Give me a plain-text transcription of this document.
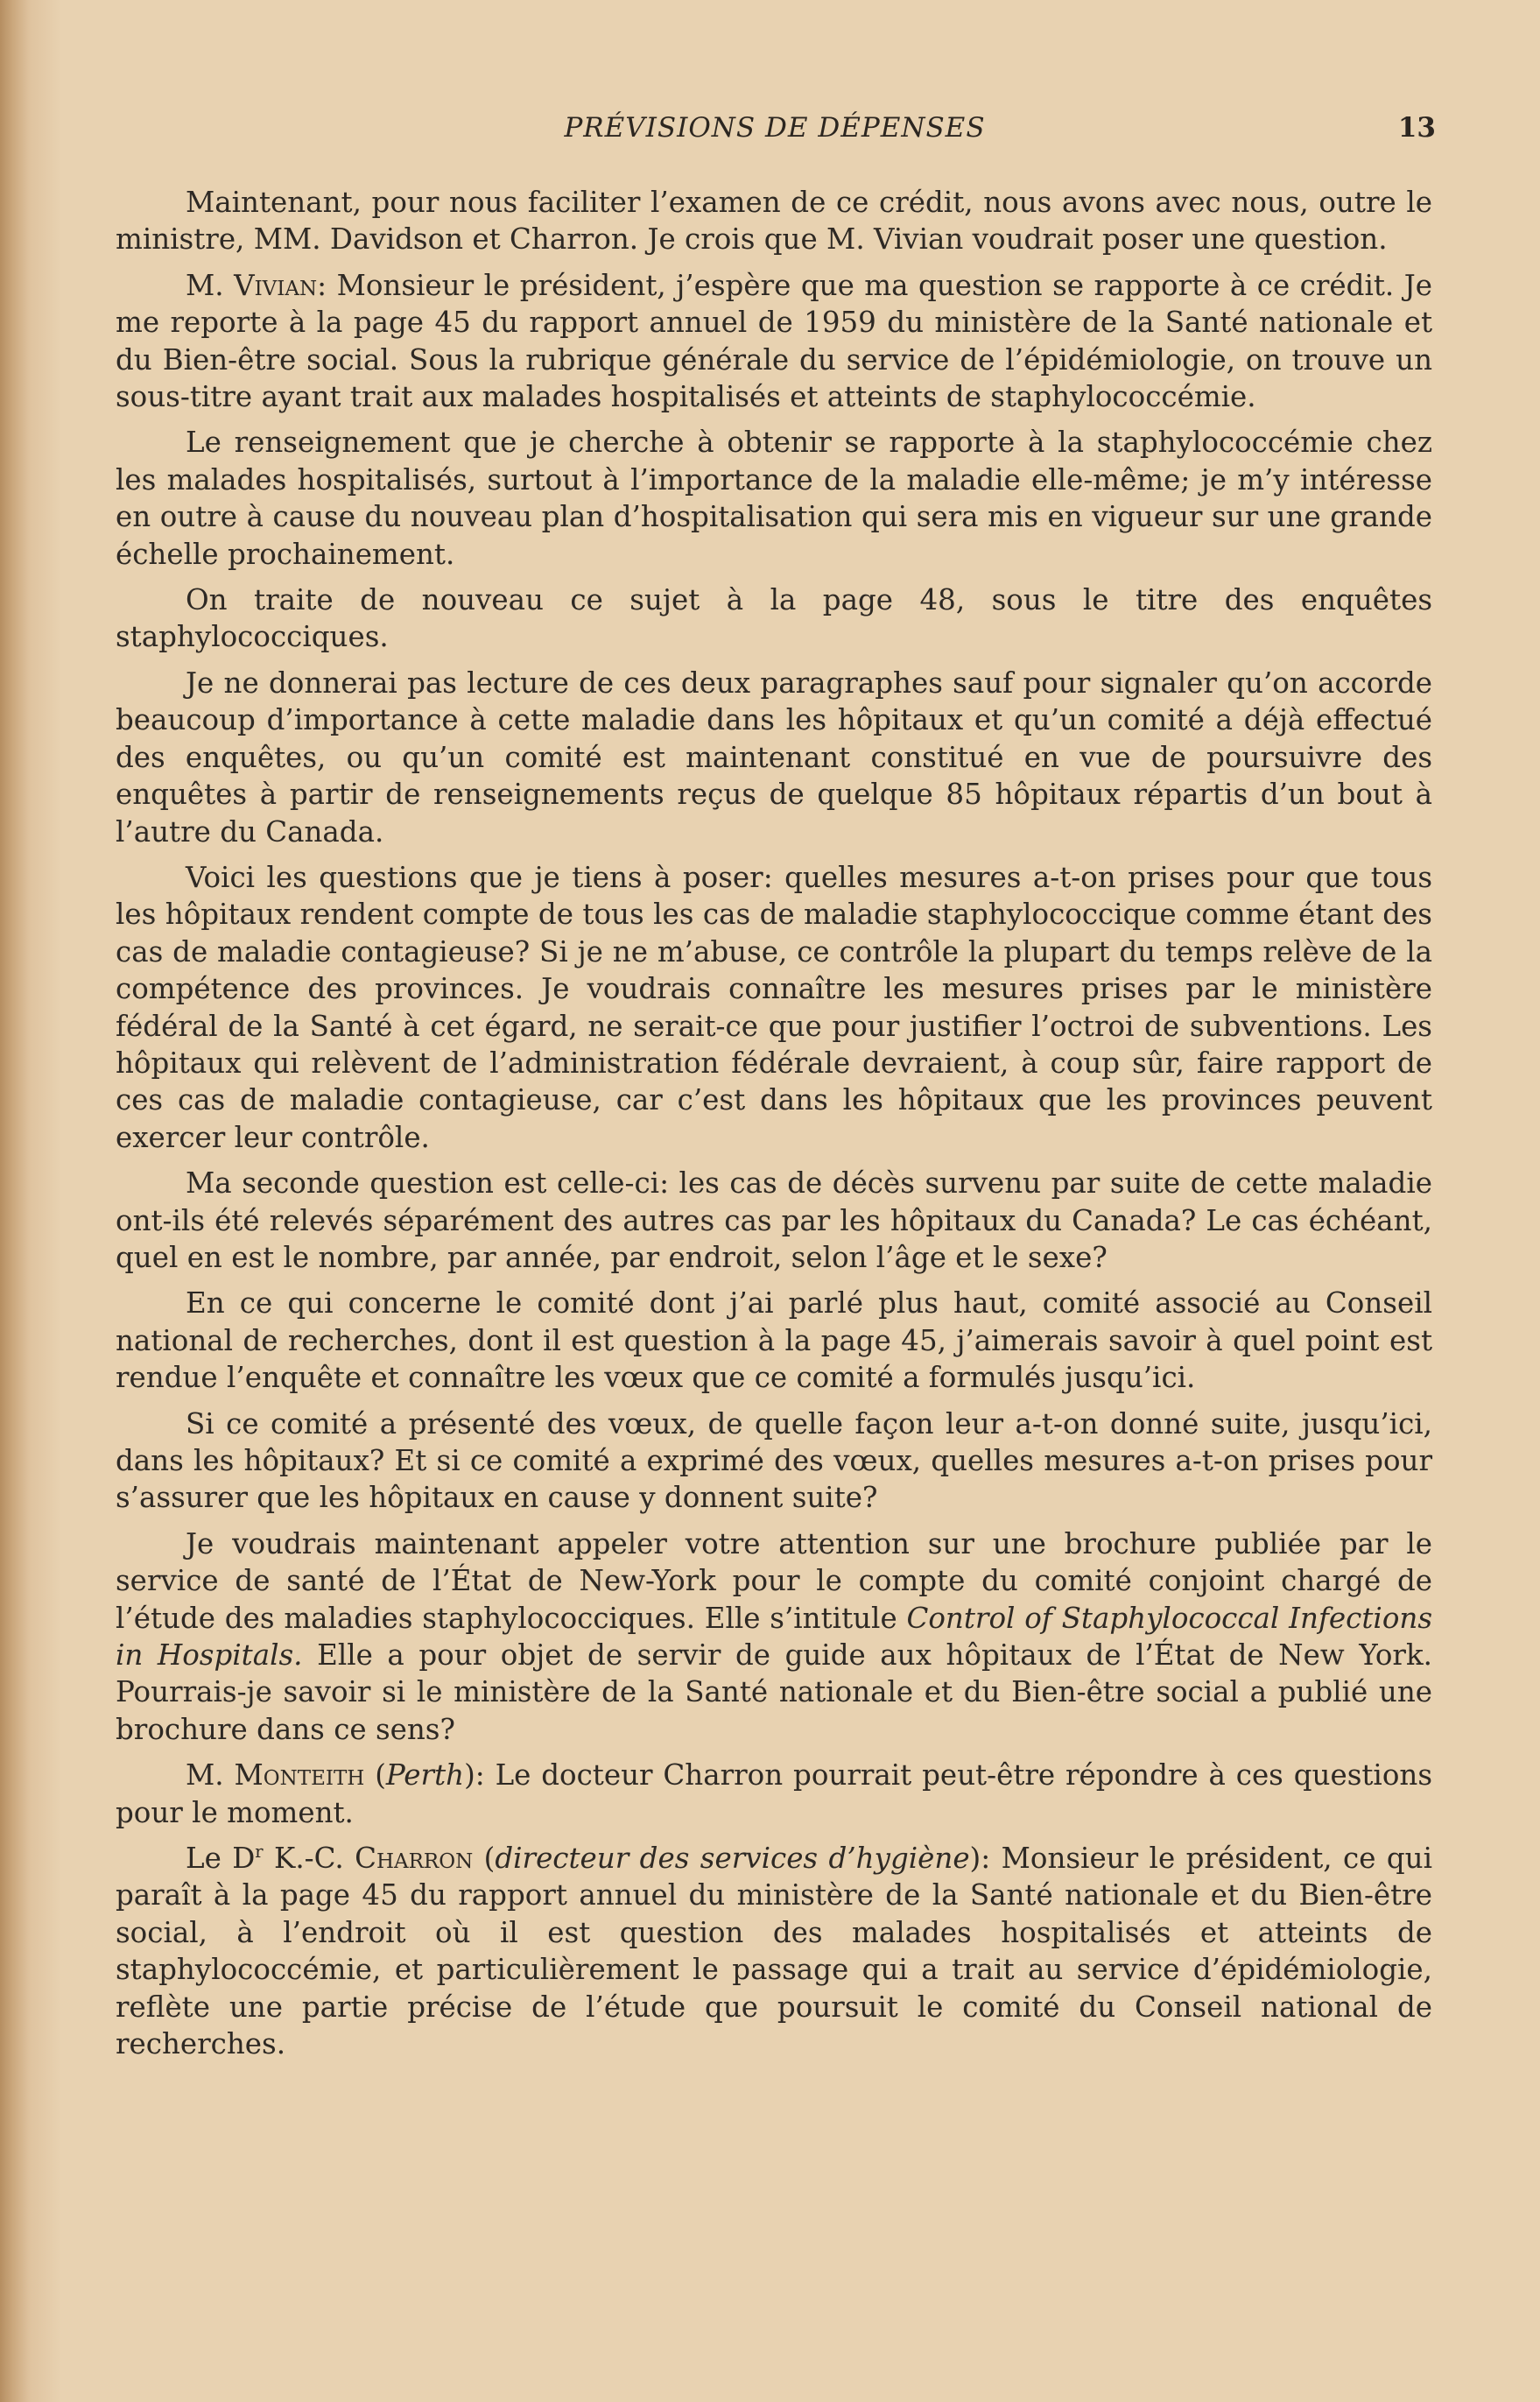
PRÉVISIONS DE DÉPENSES	13

Maintenant, pour nous faciliter l’examen de ce crédit, nous avons avec nous, outre le ministre, MM. Davidson et Charron. Je crois que M. Vivian voudrait poser une question.

M. Vivian: Monsieur le président, j’espère que ma question se rapporte à ce crédit. Je me reporte à la page 45 du rapport annuel de 1959 du ministère de la Santé nationale et du Bien-être social. Sous la rubrique générale du service de l’épidémiologie, on trouve un sous-titre ayant trait aux malades hospitalisés et atteints de staphylococcémie.

Le renseignement que je cherche à obtenir se rapporte à la staphylococcémie chez les malades hospitalisés, surtout à l’importance de la maladie elle-même; je m’y intéresse en outre à cause du nouveau plan d’hospitalisation qui sera mis en vigueur sur une grande échelle prochainement.

On traite de nouveau ce sujet à la page 48, sous le titre des enquêtes staphylococciques.

Je ne donnerai pas lecture de ces deux paragraphes sauf pour signaler qu’on accorde beaucoup d’importance à cette maladie dans les hôpitaux et qu’un comité a déjà effectué des enquêtes, ou qu’un comité est maintenant constitué en vue de poursuivre des enquêtes à partir de renseignements reçus de quelque 85 hôpitaux répartis d’un bout à l’autre du Canada.

Voici les questions que je tiens à poser: quelles mesures a-t-on prises pour que tous les hôpitaux rendent compte de tous les cas de maladie staphylococcique comme étant des cas de maladie contagieuse? Si je ne m’abuse, ce contrôle la plupart du temps relève de la compétence des provinces. Je voudrais connaître les mesures prises par le ministère fédéral de la Santé à cet égard, ne serait-ce que pour justifier l’octroi de subventions. Les hôpitaux qui relèvent de l’administration fédérale devraient, à coup sûr, faire rapport de ces cas de maladie contagieuse, car c’est dans les hôpitaux que les provinces peuvent exercer leur contrôle.

Ma seconde question est celle-ci: les cas de décès survenu par suite de cette maladie ont-ils été relevés séparément des autres cas par les hôpitaux du Canada? Le cas échéant, quel en est le nombre, par année, par endroit, selon l’âge et le sexe?

En ce qui concerne le comité dont j’ai parlé plus haut, comité associé au Conseil national de recherches, dont il est question à la page 45, j’aimerais savoir à quel point est rendue l’enquête et connaître les vœux que ce comité a formulés jusqu’ici.

Si ce comité a présenté des vœux, de quelle façon leur a-t-on donné suite, jusqu’ici, dans les hôpitaux? Et si ce comité a exprimé des vœux, quelles mesures a-t-on prises pour s’assurer que les hôpitaux en cause y donnent suite?

Je voudrais maintenant appeler votre attention sur une brochure publiée par le service de santé de l’État de New-York pour le compte du comité conjoint chargé de l’étude des maladies staphylococciques. Elle s’intitule Control of Staphylococcal Infections in Hospitals. Elle a pour objet de servir de guide aux hôpitaux de l’État de New York. Pourrais-je savoir si le ministère de la Santé nationale et du Bien-être social a publié une brochure dans ce sens?

M. Monteith (Perth): Le docteur Charron pourrait peut-être répondre à ces questions pour le moment.

Le $D^r$ K.-C. Charron (directeur des services d’hygiène): Monsieur le président, ce qui paraît à la page 45 du rapport annuel du ministère de la Santé nationale et du Bien-être social, à l’endroit où il est question des malades hospitalisés et atteints de staphylococcémie, et particulièrement le passage qui a trait au service d’épidémiologie, reflète une partie précise de l’étude que poursuit le comité du Conseil national de recherches.
